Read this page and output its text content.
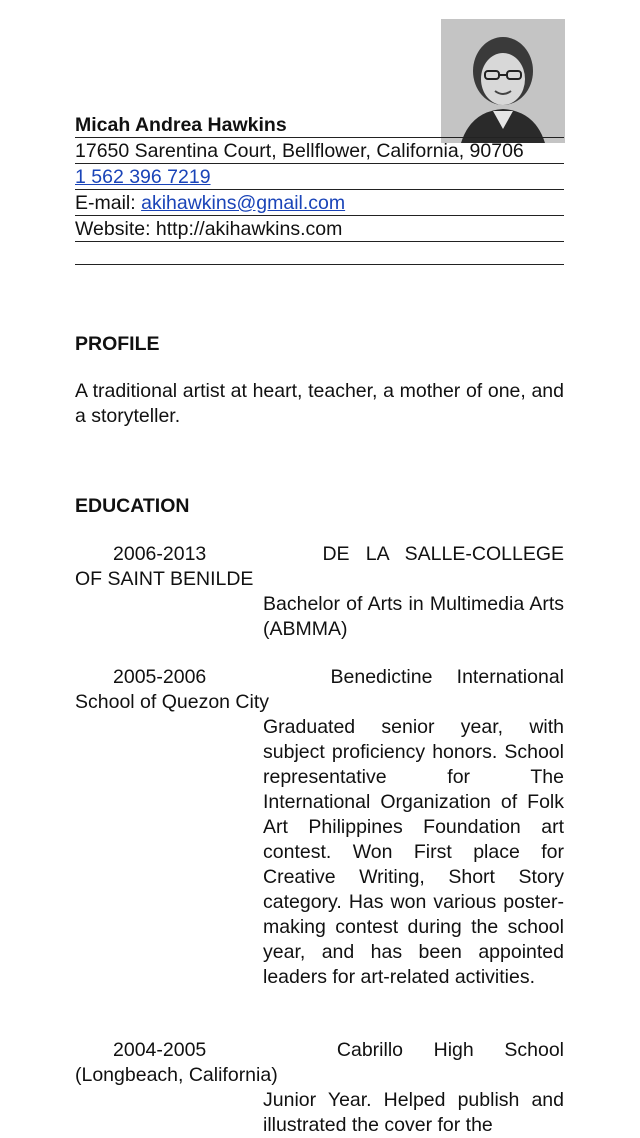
Micah Andrea Hawkins
17650 Sarentina Court, Bellflower, California, 90706
1 562 396 7219
E-mail: akihawkins@gmail.com
Website: http://akihawkins.com
PROFILE
A traditional artist at heart, teacher, a mother of one, and a storyteller.
EDUCATION
2006-2013	DE LA SALLE-COLLEGE OF SAINT BENILDE
Bachelor of Arts in Multimedia Arts (ABMMA)
2005-2006	Benedictine International School of Quezon City
Graduated senior year, with subject proficiency honors. School representative for The International Organization of Folk Art Philippines Foundation art contest. Won First place for Creative Writing, Short Story category. Has won various poster-making contest during the school year, and has been appointed leaders for art-related activities.
2004-2005	Cabrillo High School (Longbeach, California)
Junior Year. Helped publish and illustrated the cover for the
